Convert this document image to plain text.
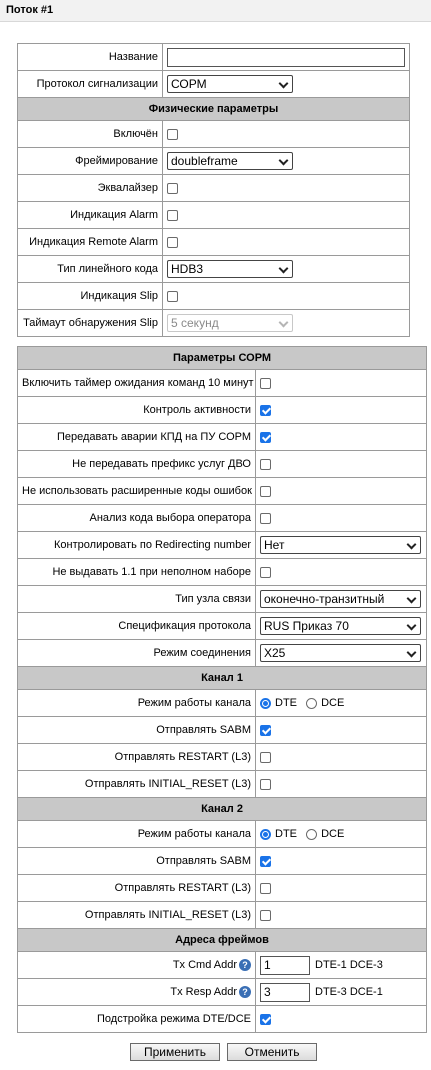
Поток #1
Название	
Протокол сигнализации	СОРМ

Физические параметры	
Включён	
Фреймирование	doubleframe

Эквалайзер	
Индикация Alarm	
Индикация Remote Alarm	
Тип линейного кода	HDB3

Индикация Slip	
Таймаут обнаружения Slip	5 секунд
Параметры СОРМ	
Включить таймер ожидания команд 10 минут	
Контроль активности	
Передавать аварии КПД на ПУ СОРМ	
Не передавать префикс услуг ДВО	
Не использовать расширенные коды ошибок	
Анализ кода выбора оператора	
Контролировать по Redirecting number	Нет

Не выдавать 1.1 при неполном наборе	
Тип узла связи	оконечно-транзитный

Спецификация протокола	RUS Приказ 70

Режим соединения	X25

Канал 1	
Режим работы канала	DTE DCE
Отправлять SABM	
Отправлять RESTART (L3)	
Отправлять INITIAL_RESET (L3)	
Канал 2	
Режим работы канала	DTE DCE
Отправлять SABM	
Отправлять RESTART (L3)	
Отправлять INITIAL_RESET (L3)	
Адреса фреймов	
Tx Cmd Addr ?	1 DTE-1 DCE-3
Tx Resp Addr ?	3 DTE-3 DCE-1
Подстройка режима DTE/DCE	
Применить	Отменить
